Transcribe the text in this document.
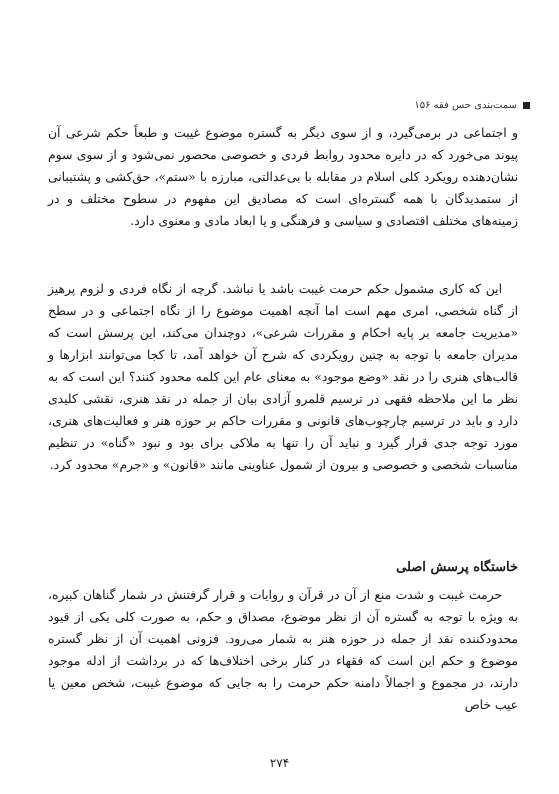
سمت‌بندی حس فقه ۱۵۶

و اجتماعی در برمی‌گیرد، و از سوی دیگر به گستره موضوع غیبت و طبعاً حکم شرعی آن پیوند می‌خورد که در دایره محدود روابط فردی و خصوصی محصور نمی‌شود و از سوی سوم نشان‌دهنده رویکرد کلی اسلام در مقابله با بی‌عدالتی، مبارزه با «ستم»، حق‌کشی و پشتیبانی از ستمدیدگان با همه گستره‌ای است که مصادیق این مفهوم در سطوح مختلف و در زمینه‌های مختلف اقتصادی و سیاسی و فرهنگی و یا ابعاد مادی و معنوی دارد.

این که کاری مشمول حکم حرمت غیبت باشد یا نباشد. گرچه از نگاه فردی و لزوم پرهیز از گناه شخصی، امری مهم است اما آنچه اهمیت موضوع را از نگاه اجتماعی و در سطح «مدیریت جامعه بر پایه احکام و مقررات شرعی»، دوچندان می‌کند، این پرسش است که مدیران جامعه با توجه به چنین رویکردی که شرح آن خواهد آمد، تا کجا می‌توانند ابزارها و قالب‌های هنری را در نقد «وضع موجود» به معنای عام این کلمه محدود کنند؟ این است که به نظر ما این ملاحظه فقهی در ترسیم قلمرو آزادی بیان از جمله در نقد هنری، نقشی کلیدی دارد و باید در ترسیم چارچوب‌های قانونی و مقررات حاکم بر حوزه هنر و فعالیت‌های هنری، مورد توجه جدی قرار گیرد و نباید آن را تنها به ملاکی برای بود و نبود «گناه» در تنظیم مناسبات شخصی و خصوصی و بیرون از شمول عناوینی مانند «قانون» و «جرم» محدود کرد.

خاستگاه پرسش اصلی

حرمت غیبت و شدت منع از آن در قرآن و روایات و قرار گرفتنش در شمار گناهان کبیره، به ویژه با توجه به گستره آن از نظر موضوع، مصداق و حکم، به صورت کلی یکی از قیود محدودکننده نقد از جمله در حوزه هنر به شمار می‌رود. فزونی اهمیت آن از نظر گستره موضوع و حکم این است که فقهاء در کنار برخی اختلاف‌ها که در برداشت از ادله موجود دارند، در مجموع و اجمالاً دامنه حکم حرمت را به جایی که موضوع غیبت، شخص معین یا عیب خاص

۲۷۴
